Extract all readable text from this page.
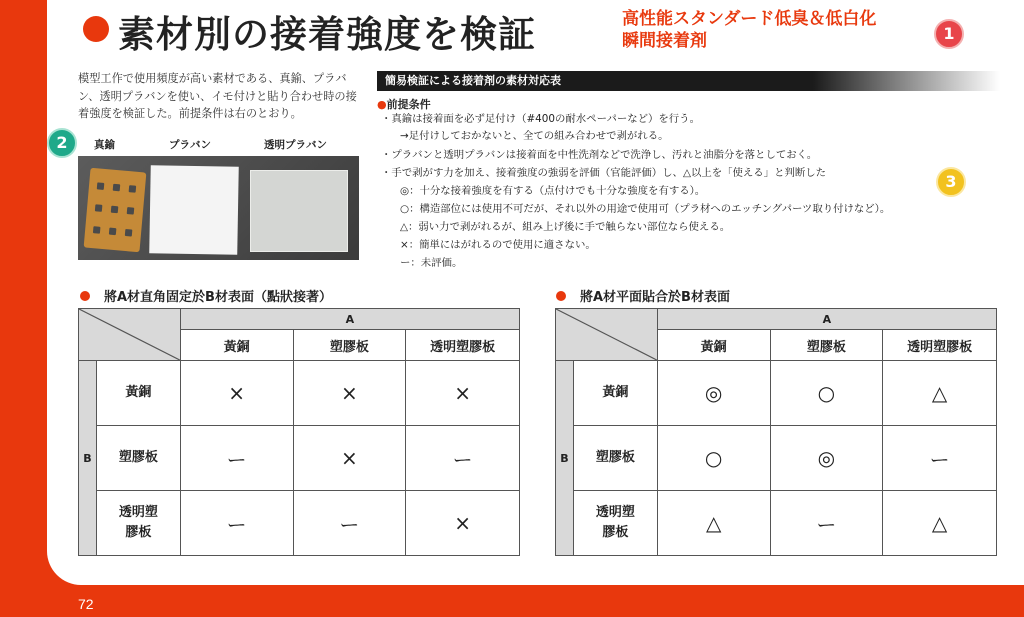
72
素材別の接着強度を検証	高性能スタンダード低臭＆低白化
瞬間接着剤	1
2
3
模型工作で使用頻度が高い素材である、真鍮、プラバン、透明プラバンを使い、イモ付けと貼り合わせ時の接着強度を検証した。前提条件は右のとおり。
真鍮	プラバン	透明プラバン
簡易検証による接着剤の素材対応表
●前提条件
・真鍮は接着面を必ず足付け（#400の耐水ペーパーなど）を行う。
→足付けしておかないと、全ての組み合わせで剥がれる。
・プラバンと透明プラバンは接着面を中性洗剤などで洗浄し、汚れと油脂分を落としておく。
・手で剥がす力を加え、接着強度の強弱を評価（官能評価）し、△以上を「使える」と判断した
◎：十分な接着強度を有する（点付けでも十分な強度を有する）。
○：構造部位には使用不可だが、それ以外の用途で使用可（プラ材へのエッチングパーツ取り付けなど）。
△：弱い力で剥がれるが、組み上げ後に手で触らない部位なら使える。
×：簡単にはがれるので使用に適さない。
ー：未評価。
將A材直角固定於B材表面（點狀接著）	將A材平面貼合於B材表面
	A		
		黃銅	塑膠板	透明塑膠板
B	黃銅	×	×	×
	塑膠板	ー	×	ー

	透明塑
膠板	ー	ー	×
	A		
		黃銅	塑膠板	透明塑膠板
B	黃銅	◎	○	△
	塑膠板	○	◎	ー

	透明塑
膠板	△	ー	△
